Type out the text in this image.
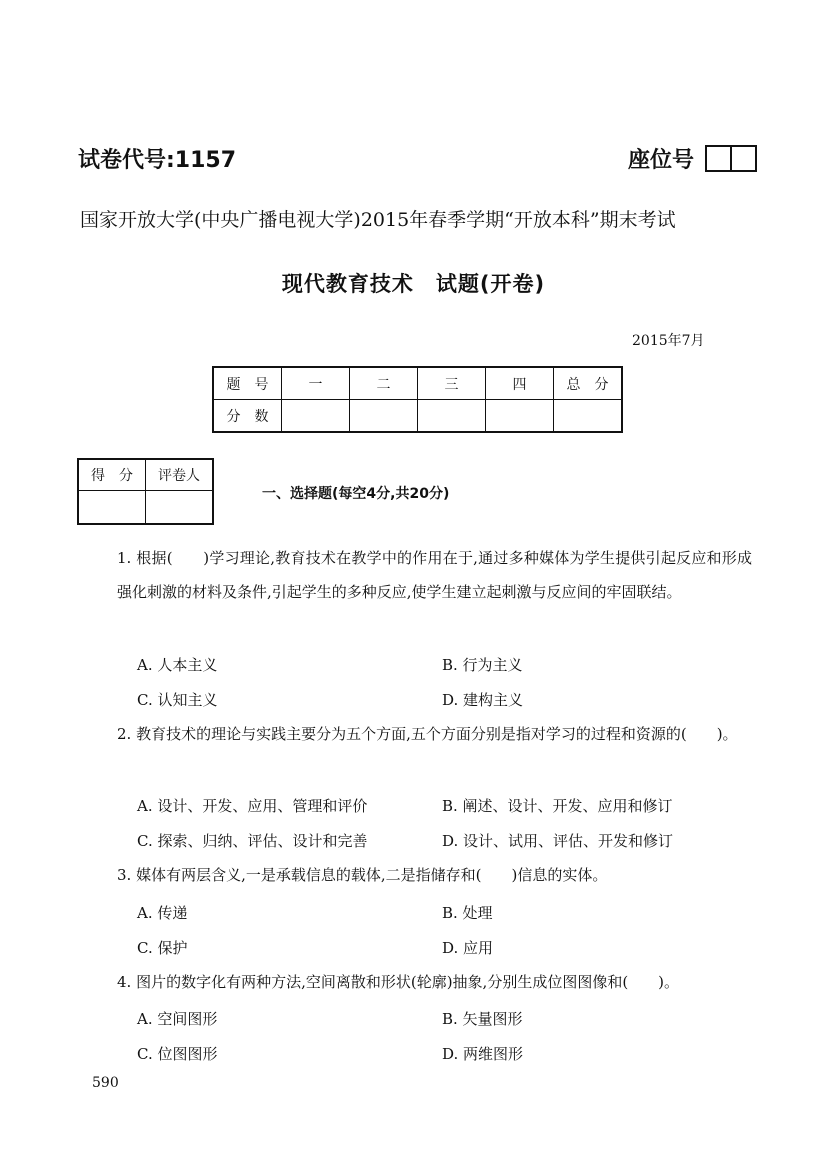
试卷代号:1157	座位号
国家开放大学(中央广播电视大学)2015年春季学期“开放本科”期末考试
现代教育技术　试题(开卷)
2015年7月
题　号	一	二	三	四	总　分
分　数					
得　分	评卷人

一、选择题(每空4分,共20分)
1. 根据(　　)学习理论,教育技术在教学中的作用在于,通过多种媒体为学生提供引起反应和形成强化刺激的材料及条件,引起学生的多种反应,使学生建立起刺激与反应间的牢固联结。
A. 人本主义	B. 行为主义
C. 认知主义	D. 建构主义
2. 教育技术的理论与实践主要分为五个方面,五个方面分别是指对学习的过程和资源的(　　)。
A. 设计、开发、应用、管理和评价	B. 阐述、设计、开发、应用和修订
C. 探索、归纳、评估、设计和完善	D. 设计、试用、评估、开发和修订
3. 媒体有两层含义,一是承载信息的载体,二是指储存和(　　)信息的实体。
A. 传递	B. 处理
C. 保护	D. 应用
4. 图片的数字化有两种方法,空间离散和形状(轮廓)抽象,分别生成位图图像和(　　)。
A. 空间图形	B. 矢量图形
C. 位图图形	D. 两维图形
590
